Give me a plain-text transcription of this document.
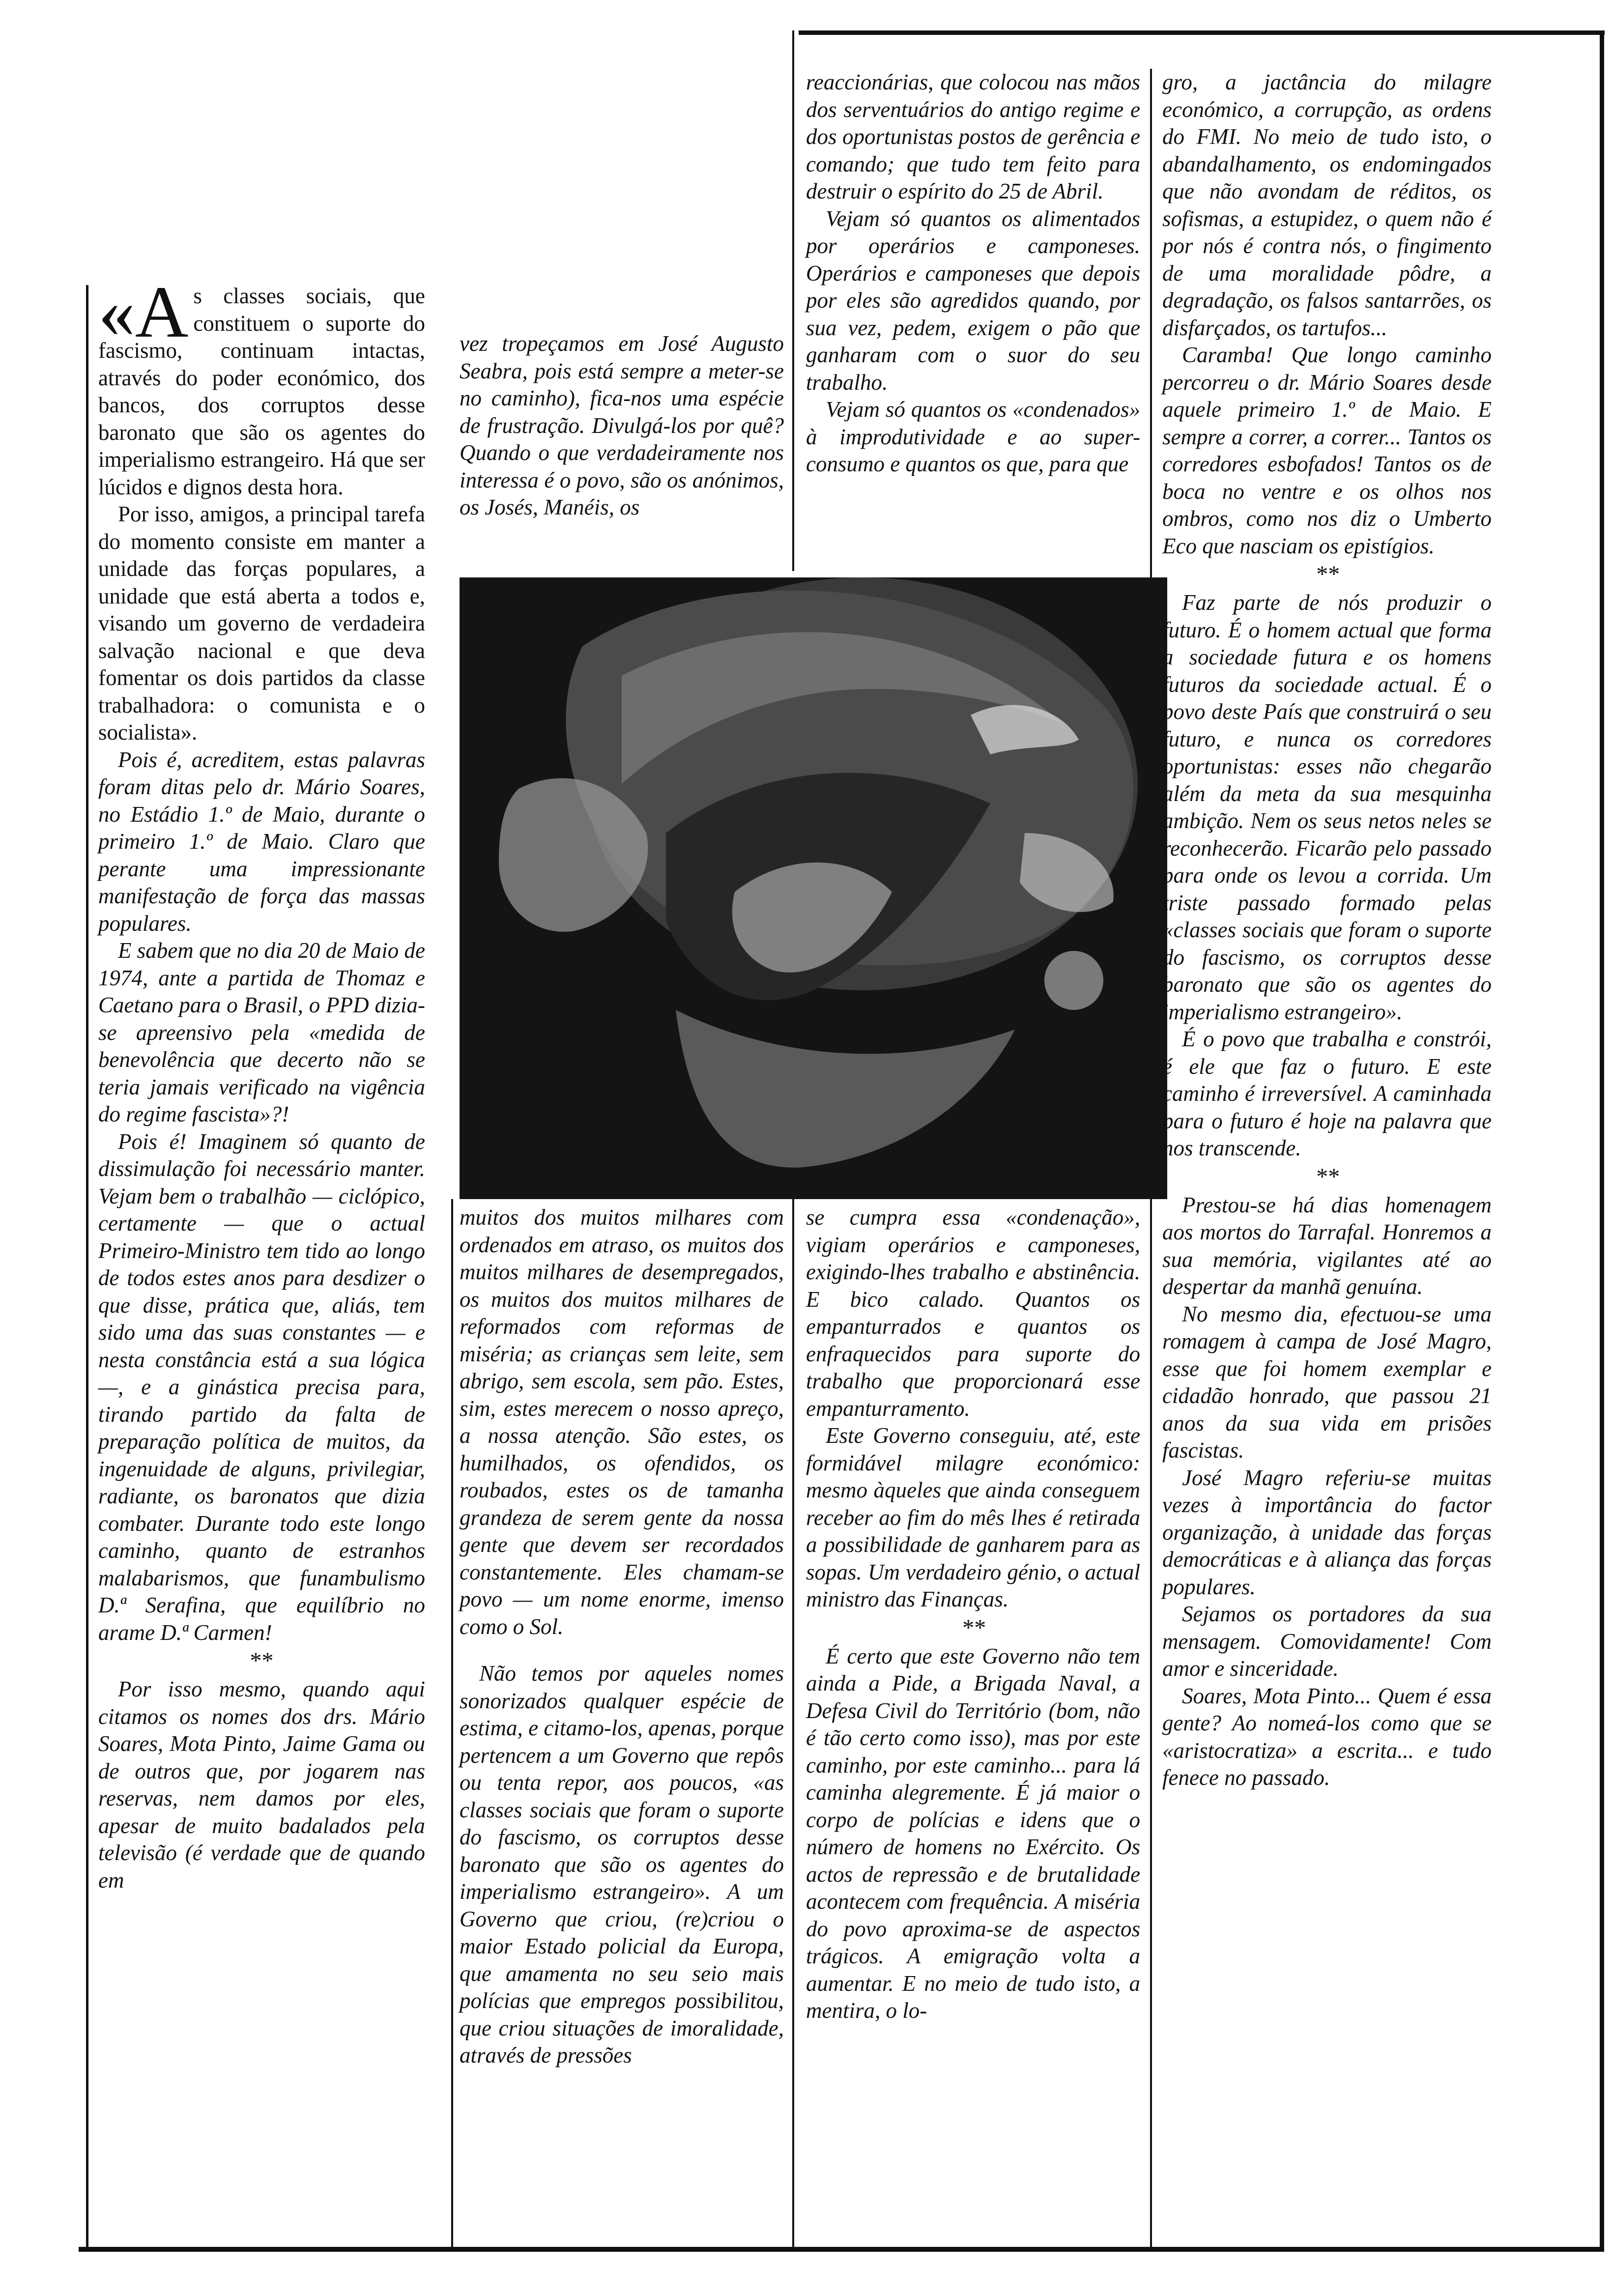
«A s classes sociais, que constituem o suporte do fascismo, continuam intactas, através do poder económico, dos bancos, dos corruptos desse baronato que são os agentes do imperialismo estrangeiro. Há que ser lúcidos e dignos desta hora.

Por isso, amigos, a principal tarefa do momento consiste em manter a unidade das forças populares, a unidade que está aberta a todos e, visando um governo de verdadeira salvação nacional e que deva fomentar os dois partidos da classe trabalhadora: o comunista e o socialista».

Pois é, acreditem, estas palavras foram ditas pelo dr. Mário Soares, no Estádio 1.º de Maio, durante o primeiro 1.º de Maio. Claro que perante uma impressionante manifestação de força das massas populares.

E sabem que no dia 20 de Maio de 1974, ante a partida de Thomaz e Caetano para o Brasil, o PPD dizia-se apreensivo pela «medida de benevolência que decerto não se teria jamais verificado na vigência do regime fascista»?!

Pois é! Imaginem só quanto de dissimulação foi necessário manter. Vejam bem o trabalhão — ciclópico, certamente — que o actual Primeiro-Ministro tem tido ao longo de todos estes anos para desdizer o que disse, prática que, aliás, tem sido uma das suas constantes — e nesta constância está a sua lógica —, e a ginástica precisa para, tirando partido da falta de preparação política de muitos, da ingenuidade de alguns, privilegiar, radiante, os baronatos que dizia combater. Durante todo este longo caminho, quanto de estranhos malabarismos, que funambulismo D.ª Serafina, que equilíbrio no arame D.ª Carmen!

**

Por isso mesmo, quando aqui citamos os nomes dos drs. Mário Soares, Mota Pinto, Jaime Gama ou de outros que, por jogarem nas reservas, nem damos por eles, apesar de muito badalados pela televisão (é verdade que de quando em

vez tropeçamos em José Augusto Seabra, pois está sempre a meter-se no caminho), fica-nos uma espécie de frustração. Divulgá-los por quê? Quando o que verdadeiramente nos interessa é o povo, são os anónimos, os Josés, Manéis, os

reaccionárias, que colocou nas mãos dos serventuários do antigo regime e dos oportunistas postos de gerência e comando; que tudo tem feito para destruir o espírito do 25 de Abril.

Vejam só quantos os alimentados por operários e camponeses. Operários e camponeses que depois por eles são agredidos quando, por sua vez, pedem, exigem o pão que ganharam com o suor do seu trabalho.

Vejam só quantos os «condenados» à improdutividade e ao super-consumo e quantos os que, para que

muitos dos muitos milhares com ordenados em atraso, os muitos dos muitos milhares de desempregados, os muitos dos muitos milhares de reformados com reformas de miséria; as crianças sem leite, sem abrigo, sem escola, sem pão. Estes, sim, estes merecem o nosso apreço, a nossa atenção. São estes, os humilhados, os ofendidos, os roubados, estes os de tamanha grandeza de serem gente da nossa gente que devem ser recordados constantemente. Eles chamam-se povo — um nome enorme, imenso como o Sol.

Não temos por aqueles nomes sonorizados qualquer espécie de estima, e citamo-los, apenas, porque pertencem a um Governo que repôs ou tenta repor, aos poucos, «as classes sociais que foram o suporte do fascismo, os corruptos desse baronato que são os agentes do imperialismo estrangeiro». A um Governo que criou, (re)criou o maior Estado policial da Europa, que amamenta no seu seio mais polícias que empregos possibilitou, que criou situações de imoralidade, através de pressões

se cumpra essa «condenação», vigiam operários e camponeses, exigindo-lhes trabalho e abstinência. E bico calado. Quantos os empanturrados e quantos os enfraquecidos para suporte do trabalho que proporcionará esse empanturramento.

Este Governo conseguiu, até, este formidável milagre económico: mesmo àqueles que ainda conseguem receber ao fim do mês lhes é retirada a possibilidade de ganharem para as sopas. Um verdadeiro génio, o actual ministro das Finanças.

**

É certo que este Governo não tem ainda a Pide, a Brigada Naval, a Defesa Civil do Território (bom, não é tão certo como isso), mas por este caminho, por este caminho... para lá caminha alegremente. É já maior o corpo de polícias e idens que o número de homens no Exército. Os actos de repressão e de brutalidade acontecem com frequência. A miséria do povo aproxima-se de aspectos trágicos. A emigração volta a aumentar. E no meio de tudo isto, a mentira, o lo-

gro, a jactância do milagre económico, a corrupção, as ordens do FMI. No meio de tudo isto, o abandalhamento, os endomingados que não avondam de réditos, os sofismas, a estupidez, o quem não é por nós é contra nós, o fingimento de uma moralidade pôdre, a degradação, os falsos santarrões, os disfarçados, os tartufos...

Caramba! Que longo caminho percorreu o dr. Mário Soares desde aquele primeiro 1.º de Maio. E sempre a correr, a correr... Tantos os corredores esbofados! Tantos os de boca no ventre e os olhos nos ombros, como nos diz o Umberto Eco que nasciam os epistígios.

**

Faz parte de nós produzir o futuro. É o homem actual que forma a sociedade futura e os homens futuros da sociedade actual. É o povo deste País que construirá o seu futuro, e nunca os corredores oportunistas: esses não chegarão além da meta da sua mesquinha ambição. Nem os seus netos neles se reconhecerão. Ficarão pelo passado para onde os levou a corrida. Um triste passado formado pelas «classes sociais que foram o suporte do fascismo, os corruptos desse baronato que são os agentes do imperialismo estrangeiro».

É o povo que trabalha e constrói, é ele que faz o futuro. E este caminho é irreversível. A caminhada para o futuro é hoje na palavra que nos transcende.

**

Prestou-se há dias homenagem aos mortos do Tarrafal. Honremos a sua memória, vigilantes até ao despertar da manhã genuína.

No mesmo dia, efectuou-se uma romagem à campa de José Magro, esse que foi homem exemplar e cidadão honrado, que passou 21 anos da sua vida em prisões fascistas.

José Magro referiu-se muitas vezes à importância do factor organização, à unidade das forças democráticas e à aliança das forças populares.

Sejamos os portadores da sua mensagem. Comovidamente! Com amor e sinceridade.

Soares, Mota Pinto... Quem é essa gente? Ao nomeá-los como que se «aristocratiza» a escrita... e tudo fenece no passado.
